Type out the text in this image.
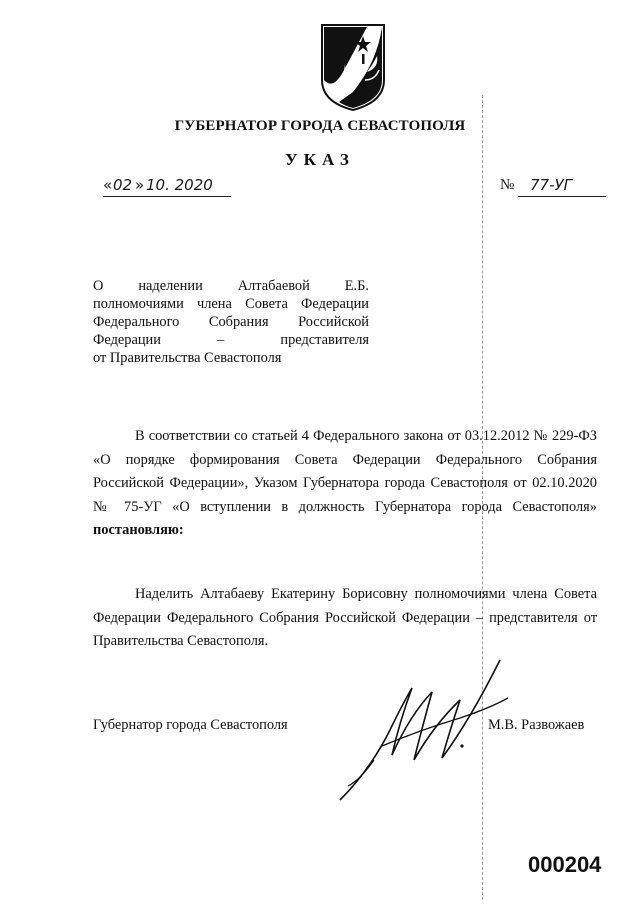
ГУБЕРНАТОР ГОРОДА СЕВАСТОПОЛЯ
УКАЗ
« 02 » 10. 2020	№ 77-УГ
О наделении Алтабаевой Е.Б.
полномочиями члена Совета Федерации
Федерального Собрания Российской
Федерации – представителя
от Правительства Севастополя
В соответствии со статьей 4 Федерального закона от 03.12.2012 № 229-ФЗ «О порядке формирования Совета Федерации Федерального Собрания Российской Федерации», Указом Губернатора города Севастополя от 02.10.2020 № 75-УГ «О вступлении в должность Губернатора города Севастополя» постановляю:
Наделить Алтабаеву Екатерину Борисовну полномочиями члена Совета Федерации Федерального Собрания Российской Федерации – представителя от Правительства Севастополя.
Губернатор города Севастополя	М.В. Развожаев
000204
